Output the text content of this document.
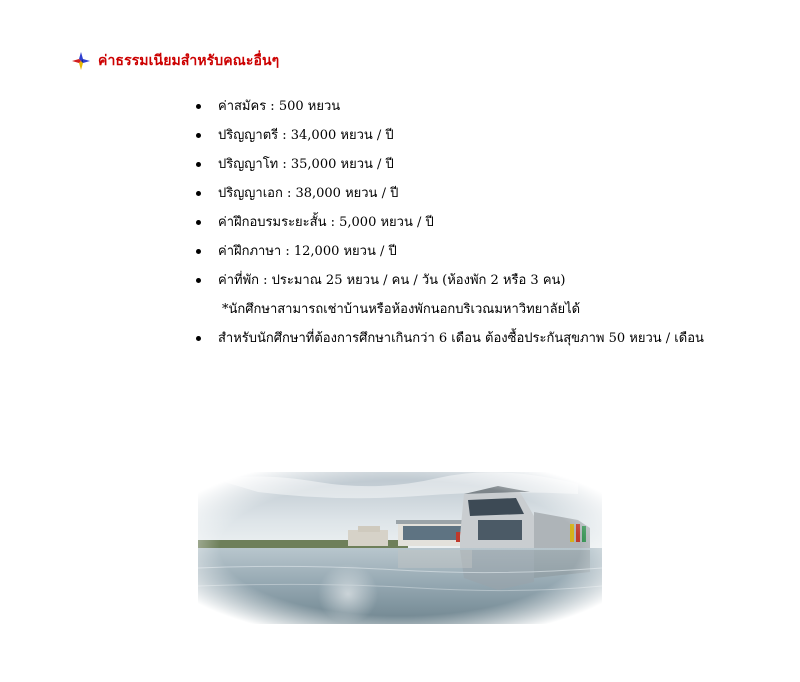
ค่าธรรมเนียมสำหรับคณะอื่นๆ
ค่าสมัคร : 500 หยวน
ปริญญาตรี : 34,000 หยวน / ปี
ปริญญาโท : 35,000 หยวน / ปี
ปริญญาเอก : 38,000 หยวน / ปี
ค่าฝึกอบรมระยะสั้น : 5,000 หยวน / ปี
ค่าฝึกภาษา : 12,000 หยวน / ปี
ค่าที่พัก : ประมาณ 25 หยวน / คน / วัน (ห้องพัก 2 หรือ 3 คน)
*นักศึกษาสามารถเช่าบ้านหรือห้องพักนอกบริเวณมหาวิทยาลัยได้
สำหรับนักศึกษาที่ต้องการศึกษาเกินกว่า 6 เดือน ต้องซื้อประกันสุขภาพ 50 หยวน / เดือน
